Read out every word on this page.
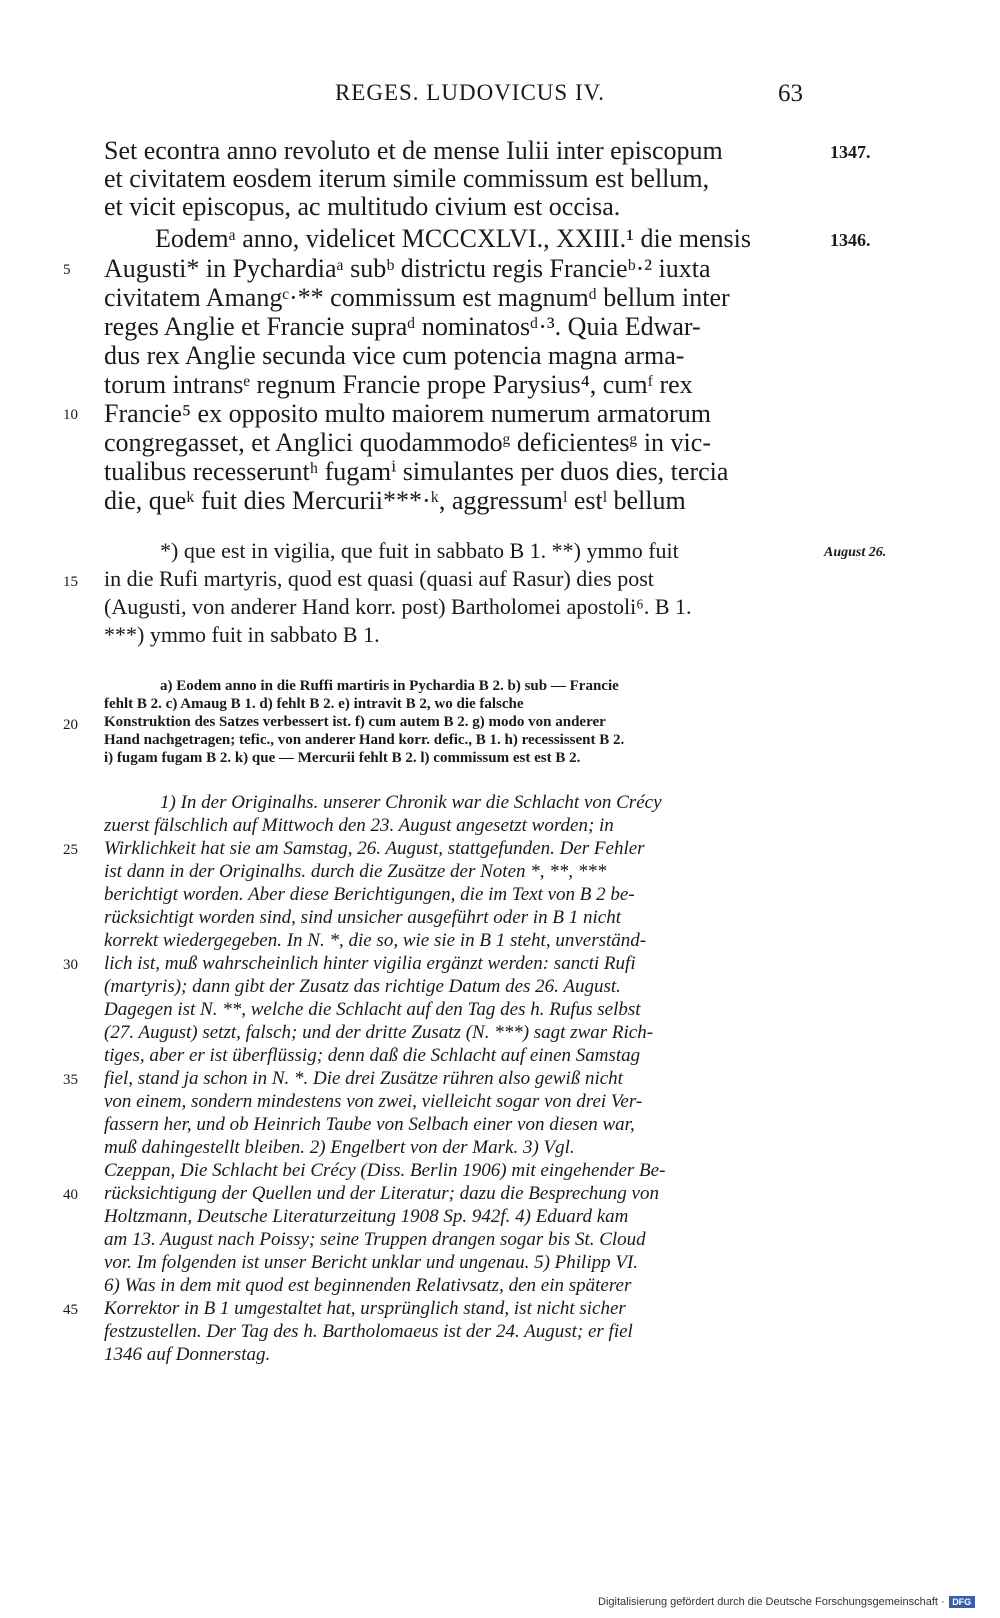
REGES. LUDOVICUS IV.	63
Set econtra anno revoluto et de mense Iulii inter episcopum
et civitatem eosdem iterum simile commissum est bellum,
et vicit episcopus, ac multitudo civium est occisa.
Eodemᵃ anno, videlicet MCCCXLVI., XXIII.¹ die mensis
Augusti* in Pychardiaᵃ subᵇ districtu regis Francieᵇ·² iuxta
civitatem Amangᶜ·** commissum est magnumᵈ bellum inter
reges Anglie et Francie supraᵈ nominatosᵈ·³. Quia Edwar-
dus rex Anglie secunda vice cum potencia magna arma-
torum intransᵉ regnum Francie prope Parysius⁴, cumᶠ rex
Francie⁵ ex opposito multo maiorem numerum armatorum
congregasset, et Anglici quodammodoᵍ deficientesᵍ in vic-
tualibus recesseruntʰ fugamⁱ simulantes per duos dies, tercia
die, queᵏ fuit dies Mercurii***·ᵏ, aggressumˡ estˡ bellum
1347.
1346.
*) que est in vigilia, que fuit in sabbato B 1. **) ymmo fuit
in die Rufi martyris, quod est quasi (quasi auf Rasur) dies post
(Augusti, von anderer Hand korr. post) Bartholomei apostoli⁶. B 1.
***) ymmo fuit in sabbato B 1.
August 26.
a) Eodem anno in die Ruffi martiris in Pychardia B 2. b) sub — Francie
fehlt B 2. c) Amaug B 1. d) fehlt B 2. e) intravit B 2, wo die falsche
Konstruktion des Satzes verbessert ist. f) cum autem B 2. g) modo von anderer
Hand nachgetragen; tefic., von anderer Hand korr. defic., B 1. h) recessissent B 2.
i) fugam fugam B 2. k) que — Mercurii fehlt B 2. l) commissum est est B 2.
1) In der Originalhs. unserer Chronik war die Schlacht von Crécy
zuerst fälschlich auf Mittwoch den 23. August angesetzt worden; in
Wirklichkeit hat sie am Samstag, 26. August, stattgefunden. Der Fehler
ist dann in der Originalhs. durch die Zusätze der Noten *, **, ***
berichtigt worden. Aber diese Berichtigungen, die im Text von B 2 be-
rücksichtigt worden sind, sind unsicher ausgeführt oder in B 1 nicht
korrekt wiedergegeben. In N. *, die so, wie sie in B 1 steht, unverständ-
lich ist, muß wahrscheinlich hinter vigilia ergänzt werden: sancti Rufi
(martyris); dann gibt der Zusatz das richtige Datum des 26. August.
Dagegen ist N. **, welche die Schlacht auf den Tag des h. Rufus selbst
(27. August) setzt, falsch; und der dritte Zusatz (N. ***) sagt zwar Rich-
tiges, aber er ist überflüssig; denn daß die Schlacht auf einen Samstag
fiel, stand ja schon in N. *. Die drei Zusätze rühren also gewiß nicht
von einem, sondern mindestens von zwei, vielleicht sogar von drei Ver-
fassern her, und ob Heinrich Taube von Selbach einer von diesen war,
muß dahingestellt bleiben. 2) Engelbert von der Mark. 3) Vgl.
Czeppan, Die Schlacht bei Crécy (Diss. Berlin 1906) mit eingehender Be-
rücksichtigung der Quellen und der Literatur; dazu die Besprechung von
Holtzmann, Deutsche Literaturzeitung 1908 Sp. 942f. 4) Eduard kam
am 13. August nach Poissy; seine Truppen drangen sogar bis St. Cloud
vor. Im folgenden ist unser Bericht unklar und ungenau. 5) Philipp VI.
6) Was in dem mit quod est beginnenden Relativsatz, den ein späterer
Korrektor in B 1 umgestaltet hat, ursprünglich stand, ist nicht sicher
festzustellen. Der Tag des h. Bartholomaeus ist der 24. August; er fiel
1346 auf Donnerstag.
5
10
15
20
25
30
35
40
45
Digitalisierung gefördert durch die Deutsche Forschungsgemeinschaft · DFG
